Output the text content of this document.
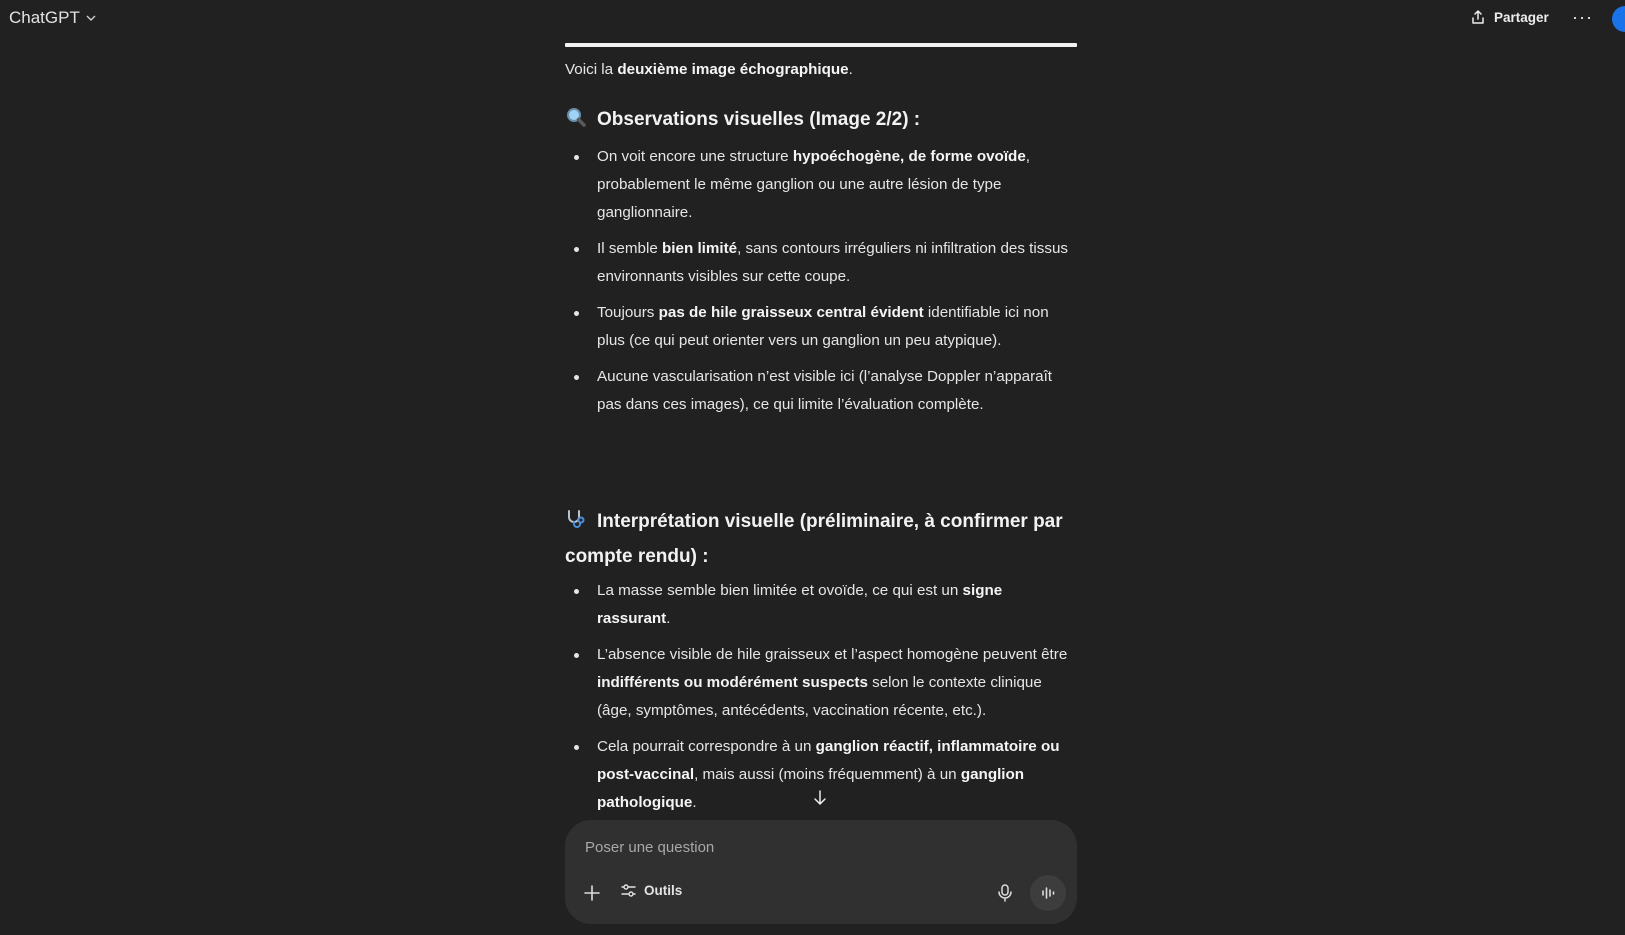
ChatGPT	Partager ···

Voici la deuxième image échographique.

Observations visuelles (Image 2/2) :
On voit encore une structure hypoéchogène, de forme ovoïde, probablement le même ganglion ou une autre lésion de type ganglionnaire.
Il semble bien limité, sans contours irréguliers ni infiltration des tissus environnants visibles sur cette coupe.
Toujours pas de hile graisseux central évident identifiable ici non plus (ce qui peut orienter vers un ganglion un peu atypique).
Aucune vascularisation n’est visible ici (l’analyse Doppler n’apparaît pas dans ces images), ce qui limite l’évaluation complète.
Interprétation visuelle (préliminaire, à confirmer par compte rendu) :
La masse semble bien limitée et ovoïde, ce qui est un signe rassurant.
L’absence visible de hile graisseux et l’aspect homogène peuvent être indifférents ou modérément suspects selon le contexte clinique (âge, symptômes, antécédents, vaccination récente, etc.).
Cela pourrait correspondre à un ganglion réactif, inflammatoire ou post-vaccinal, mais aussi (moins fréquemment) à un ganglion pathologique.
Poser une question
Outils
